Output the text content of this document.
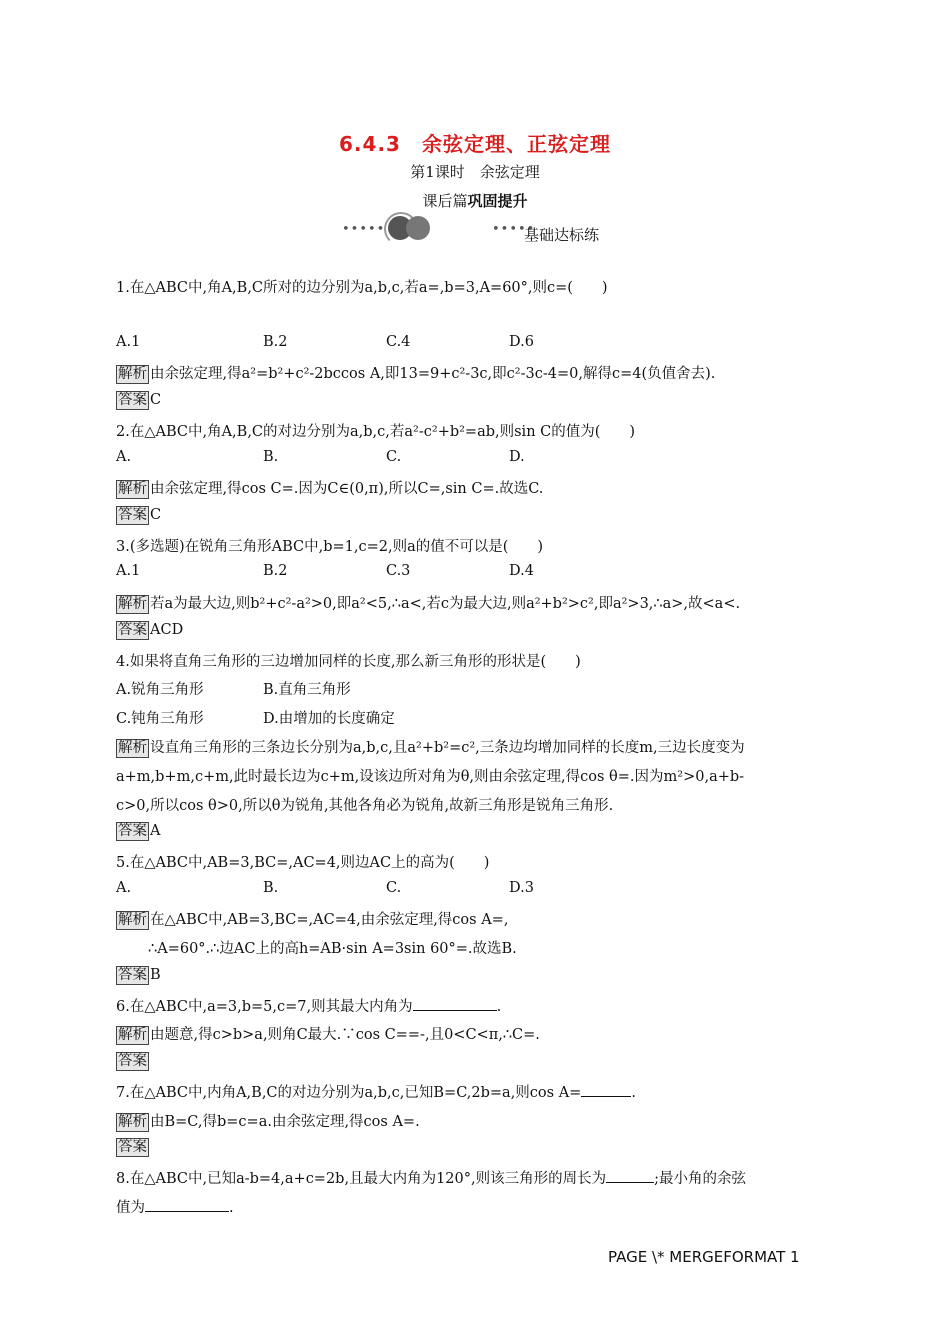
6.4.3　余弦定理、正弦定理
第1课时　余弦定理
课后篇巩固提升
•••••	•••••
基础达标练
1.在△ABC中,角A,B,C所对的边分别为a,b,c,若a=,b=3,A=60°,则c=(　　)
A.1	B.2	C.4	D.6
解析 由余弦定理,得a²=b²+c²-2bccos A,即13=9+c²-3c,即c²-3c-4=0,解得c=4(负值舍去).
答案 C
2.在△ABC中,角A,B,C的对边分别为a,b,c,若a²-c²+b²=ab,则sin C的值为(　　)
A.	B.	C.	D.
解析 由余弦定理,得cos C=.因为C∈(0,π),所以C=,sin C=.故选C.
答案 C
3.(多选题)在锐角三角形ABC中,b=1,c=2,则a的值不可以是(　　)
A.1	B.2	C.3	D.4
解析 若a为最大边,则b²+c²-a²>0,即a²<5,∴a<,若c为最大边,则a²+b²>c²,即a²>3,∴a>,故<a<.
答案 ACD
4.如果将直角三角形的三边增加同样的长度,那么新三角形的形状是(　　)
A.锐角三角形	B.直角三角形
C.钝角三角形	D.由增加的长度确定
解析 设直角三角形的三条边长分别为a,b,c,且a²+b²=c²,三条边均增加同样的长度m,三边长度变为
a+m,b+m,c+m,此时最长边为c+m,设该边所对角为θ,则由余弦定理,得cos θ=.因为m²>0,a+b-
c>0,所以cos θ>0,所以θ为锐角,其他各角必为锐角,故新三角形是锐角三角形.
答案 A
5.在△ABC中,AB=3,BC=,AC=4,则边AC上的高为(　　)
A.	B.	C.	D.3
解析 在△ABC中,AB=3,BC=,AC=4,由余弦定理,得cos A=,
∴A=60°.∴边AC上的高h=AB·sin A=3sin 60°=.故选B.
答案 B
6.在△ABC中,a=3,b=5,c=7,则其最大内角为	.
解析 由题意,得c>b>a,则角C最大.∵cos C==-,且0<C<π,∴C=.
答案
7.在△ABC中,内角A,B,C的对边分别为a,b,c,已知B=C,2b=a,则cos A=	.
解析 由B=C,得b=c=a.由余弦定理,得cos A=.
答案
8.在△ABC中,已知a-b=4,a+c=2b,且最大内角为120°,则该三角形的周长为	;最小角的余弦
值为	.
PAGE \* MERGEFORMAT 1
